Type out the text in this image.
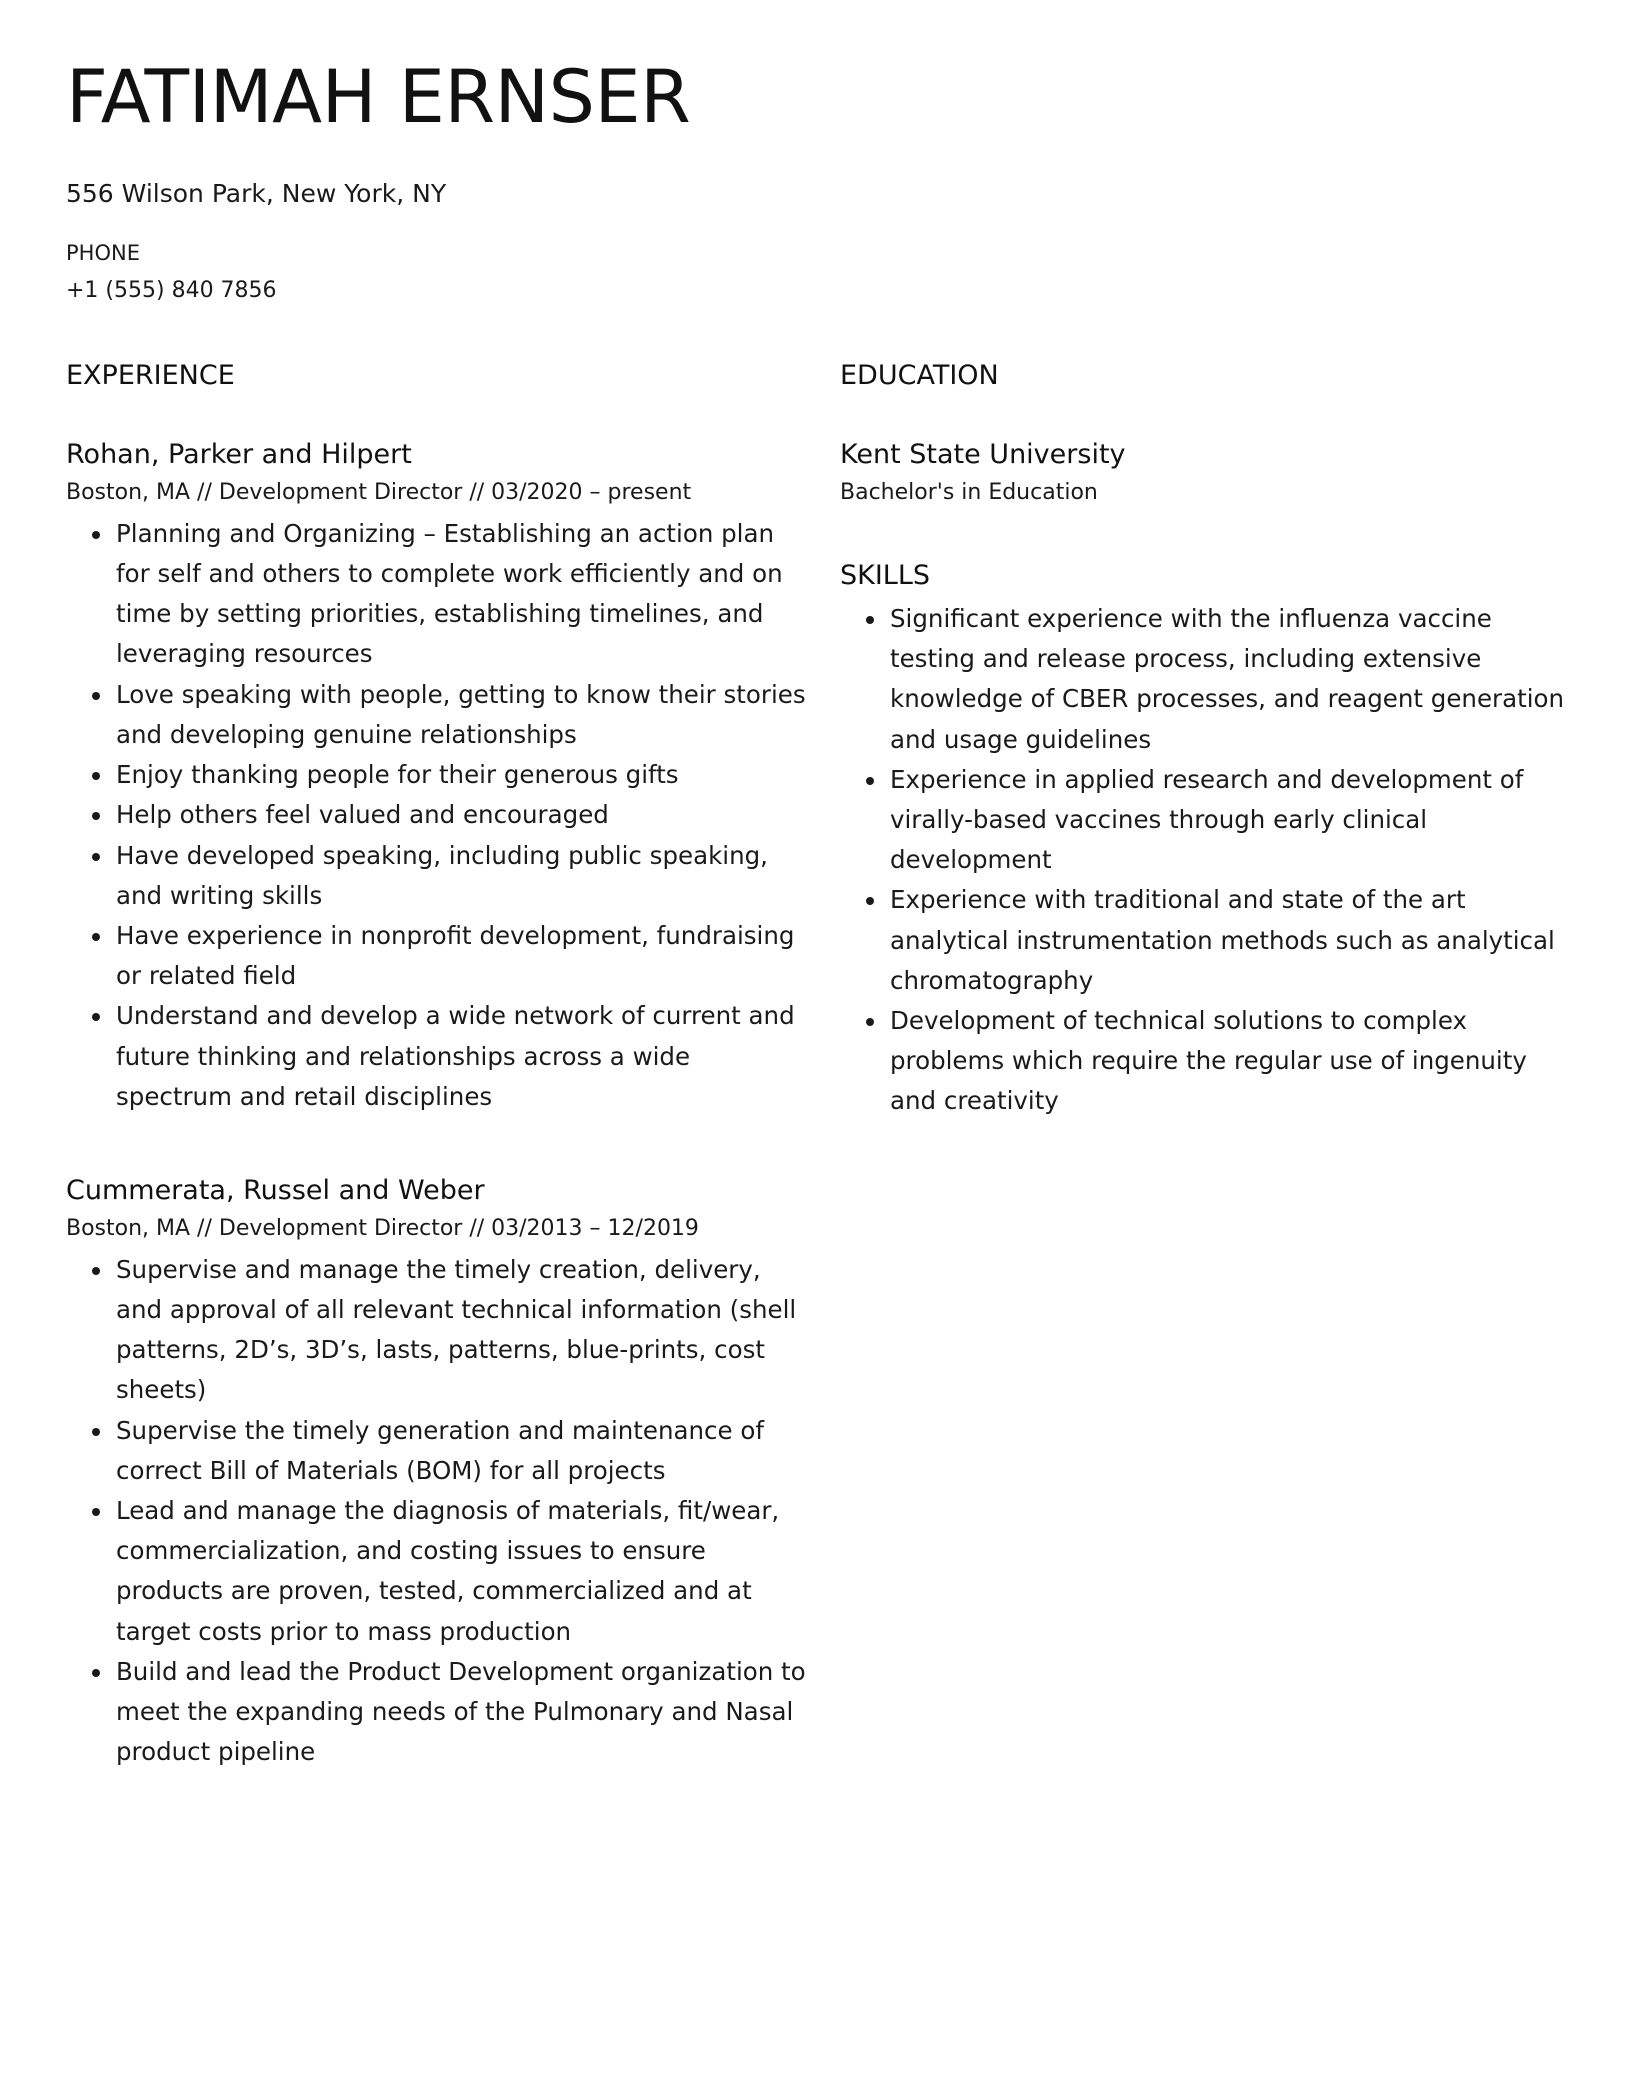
FATIMAH ERNSER
556 Wilson Park, New York, NY
PHONE
+1 (555) 840 7856
EXPERIENCE
Rohan, Parker and Hilpert
Boston, MA // Development Director // 03/2020 – present
• Planning and Organizing – Establishing an action plan for self and others to complete work efficiently and on time by setting priorities, establishing timelines, and leveraging resources
• Love speaking with people, getting to know their stories and developing genuine relationships
• Enjoy thanking people for their generous gifts
• Help others feel valued and encouraged
• Have developed speaking, including public speaking, and writing skills
• Have experience in nonprofit development, fundraising or related field
• Understand and develop a wide network of current and future thinking and relationships across a wide spectrum and retail disciplines
Cummerata, Russel and Weber
Boston, MA // Development Director // 03/2013 – 12/2019
• Supervise and manage the timely creation, delivery, and approval of all relevant technical information (shell patterns, 2D’s, 3D’s, lasts, patterns, blue-prints, cost sheets)
• Supervise the timely generation and maintenance of correct Bill of Materials (BOM) for all projects
• Lead and manage the diagnosis of materials, fit/wear, commercialization, and costing issues to ensure products are proven, tested, commercialized and at target costs prior to mass production
• Build and lead the Product Development organization to meet the expanding needs of the Pulmonary and Nasal product pipeline
EDUCATION
Kent State University
Bachelor's in Education
SKILLS
• Significant experience with the influenza vaccine testing and release process, including extensive knowledge of CBER processes, and reagent generation and usage guidelines
• Experience in applied research and development of virally-based vaccines through early clinical development
• Experience with traditional and state of the art analytical instrumentation methods such as analytical chromatography
• Development of technical solutions to complex problems which require the regular use of ingenuity and creativity
